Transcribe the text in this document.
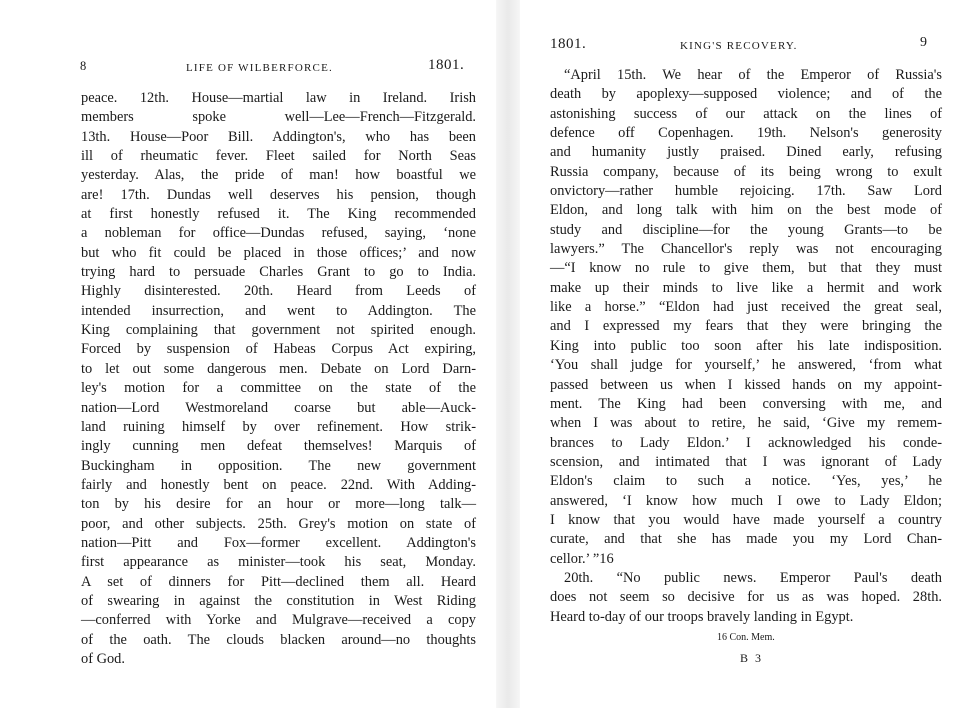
8	LIFE OF WILBERFORCE.	1801.
peace. 12th. House—martial law in Ireland. Irish
members spoke well—Lee—French—Fitzgerald.
13th. House—Poor Bill. Addington's, who has been
ill of rheumatic fever. Fleet sailed for North Seas
yesterday. Alas, the pride of man! how boastful we
are! 17th. Dundas well deserves his pension, though
at first honestly refused it. The King recommended
a nobleman for office—Dundas refused, saying, ‘none
but who fit could be placed in those offices;’ and now
trying hard to persuade Charles Grant to go to India.
Highly disinterested. 20th. Heard from Leeds of
intended insurrection, and went to Addington. The
King complaining that government not spirited enough.
Forced by suspension of Habeas Corpus Act expiring,
to let out some dangerous men. Debate on Lord Darn-
ley's motion for a committee on the state of the
nation—Lord Westmoreland coarse but able—Auck-
land ruining himself by over refinement. How strik-
ingly cunning men defeat themselves! Marquis of
Buckingham in opposition. The new government
fairly and honestly bent on peace. 22nd. With Adding-
ton by his desire for an hour or more—long talk—
poor, and other subjects. 25th. Grey's motion on state of
nation—Pitt and Fox—former excellent. Addington's
first appearance as minister—took his seat, Monday.
A set of dinners for Pitt—declined them all. Heard
of swearing in against the constitution in West Riding
—conferred with Yorke and Mulgrave—received a copy
of the oath. The clouds blacken around—no thoughts
of God.
1801.	KING'S RECOVERY.	9
“April 15th. We hear of the Emperor of Russia's
death by apoplexy—supposed violence; and of the
astonishing success of our attack on the lines of
defence off Copenhagen. 19th. Nelson's generosity
and humanity justly praised. Dined early, refusing
Russia company, because of its being wrong to exult
onvictory—rather humble rejoicing. 17th. Saw Lord
Eldon, and long talk with him on the best mode of
study and discipline—for the young Grants—to be
lawyers.” The Chancellor's reply was not encouraging
—“I know no rule to give them, but that they must
make up their minds to live like a hermit and work
like a horse.” “Eldon had just received the great seal,
and I expressed my fears that they were bringing the
King into public too soon after his late indisposition.
‘You shall judge for yourself,’ he answered, ‘from what
passed between us when I kissed hands on my appoint-
ment. The King had been conversing with me, and
when I was about to retire, he said, ‘Give my remem-
brances to Lady Eldon.’ I acknowledged his conde-
scension, and intimated that I was ignorant of Lady
Eldon's claim to such a notice. ‘Yes, yes,’ he
answered, ‘I know how much I owe to Lady Eldon;
I know that you would have made yourself a country
curate, and that she has made you my Lord Chan-
cellor.’ ”16
20th. “No public news. Emperor Paul's death
does not seem so decisive for us as was hoped. 28th.
Heard to-day of our troops bravely landing in Egypt.
16 Con. Mem.
B 3
